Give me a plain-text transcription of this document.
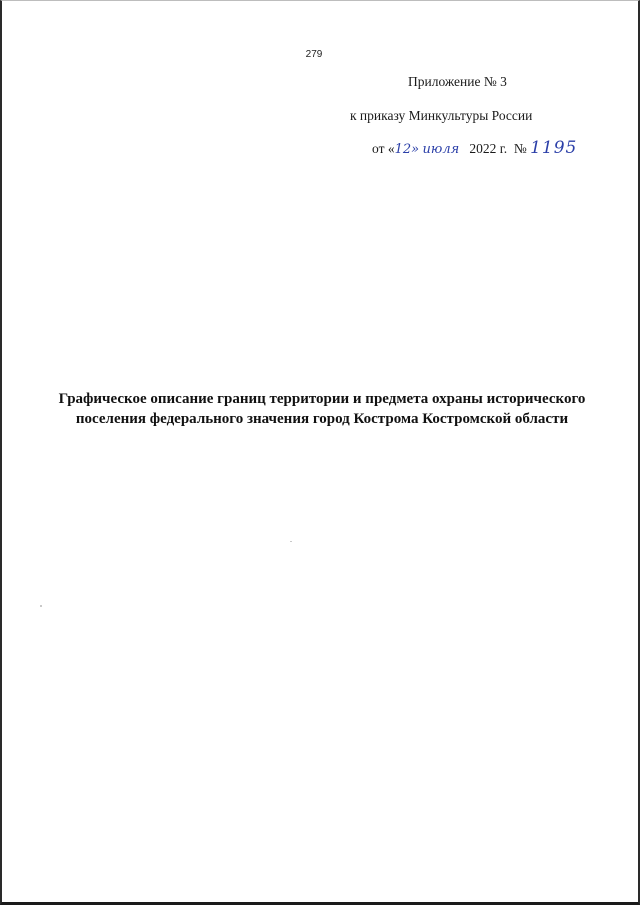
279
Приложение № 3
к приказу Минкультуры России
от «12» июля 2022 г. № 1195
Графическое описание границ территории и предмета охраны исторического
поселения федерального значения город Кострома Костромской области
